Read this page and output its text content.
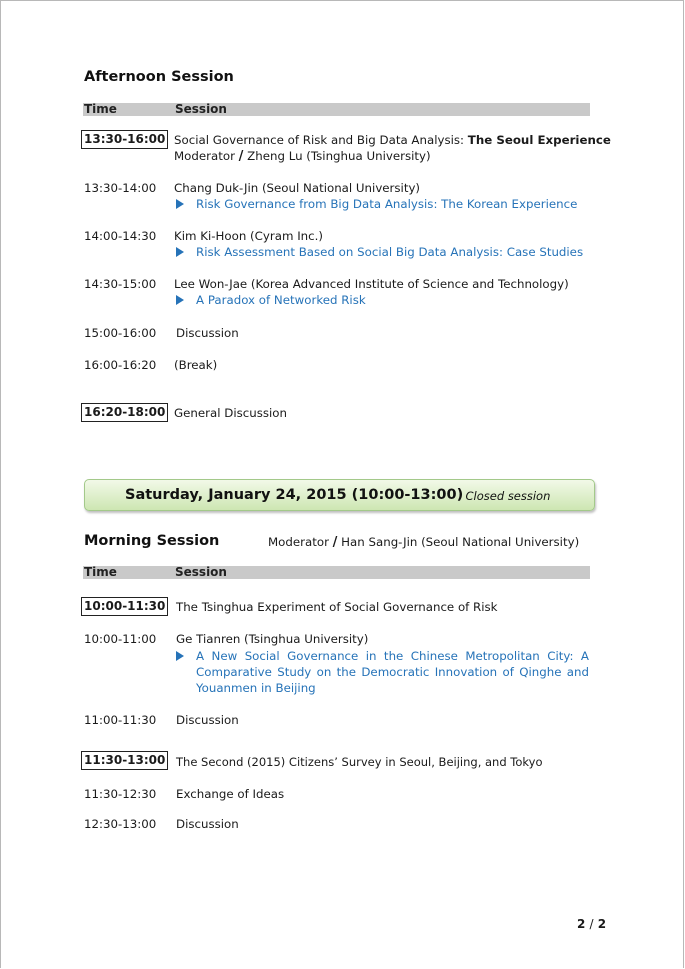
Afternoon Session
Time	Session
13:30-16:00 Social Governance of Risk and Big Data Analysis: The Seoul Experience
Moderator / Zheng Lu (Tsinghua University)
13:30-14:00 Chang Duk-Jin (Seoul National University)
Risk Governance from Big Data Analysis: The Korean Experience
14:00-14:30 Kim Ki-Hoon (Cyram Inc.)
Risk Assessment Based on Social Big Data Analysis: Case Studies
14:30-15:00 Lee Won-Jae (Korea Advanced Institute of Science and Technology)
A Paradox of Networked Risk
15:00-16:00 Discussion
16:00-16:20 (Break)
16:20-18:00 General Discussion
Saturday, January 24, 2015 (10:00-13:00)
: Closed session
Morning Session	Moderator / Han Sang-Jin (Seoul National University)
Time	Session
10:00-11:30 The Tsinghua Experiment of Social Governance of Risk
10:00-11:00 Ge Tianren (Tsinghua University)
A New Social Governance in the Chinese Metropolitan City: A
Comparative Study on the Democratic Innovation of Qinghe and
Youanmen in Beijing
11:00-11:30 Discussion
11:30-13:00 The Second (2015) Citizens’ Survey in Seoul, Beijing, and Tokyo
11:30-12:30 Exchange of Ideas
12:30-13:00 Discussion
2 / 2
